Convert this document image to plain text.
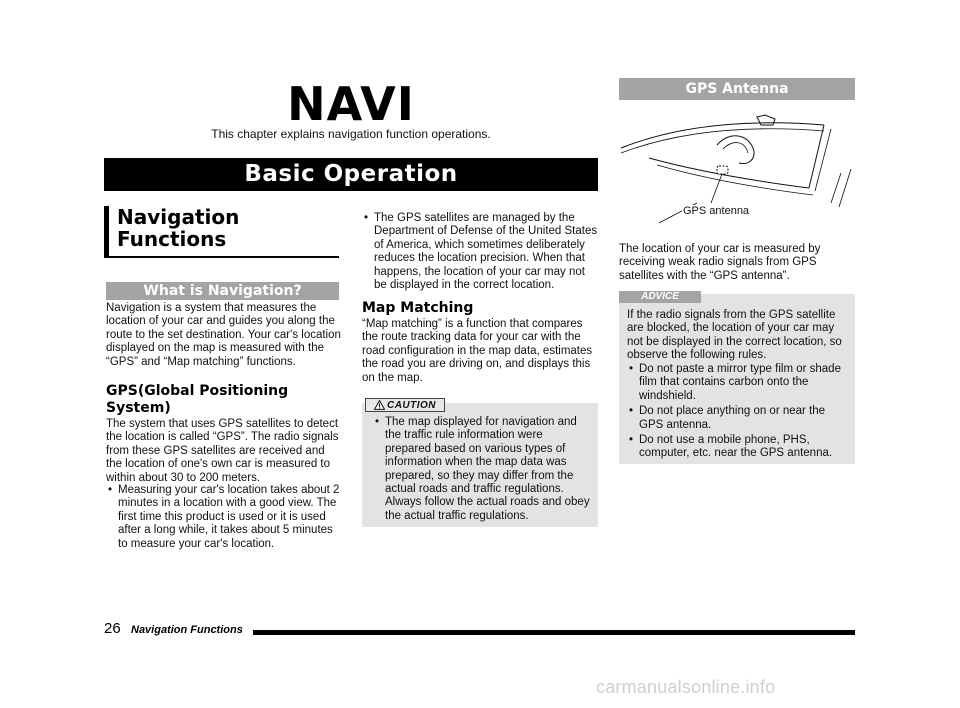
NAVI
This chapter explains navigation function operations.
Basic Operation
Navigation
Functions
What is Navigation?
Navigation is a system that measures the location of your car and guides you along the route to the set destination. Your car's location displayed on the map is measured with the “GPS” and “Map matching” functions.
GPS(Global Positioning System)
The system that uses GPS satellites to detect the location is called “GPS”. The radio signals from these GPS satellites are received and the location of one's own car is measured to within about 30 to 200 meters.
• Measuring your car's location takes about 2 minutes in a location with a good view. The first time this product is used or it is used after a long while, it takes about 5 minutes to measure your car's location.
• The GPS satellites are managed by the Department of Defense of the United States of America, which sometimes deliberately reduces the location precision. When that happens, the location of your car may not be displayed in the correct location.
Map Matching
“Map matching” is a function that compares the route tracking data for your car with the road configuration in the map data, estimates the road you are driving on, and displays this on the map.
CAUTION
• The map displayed for navigation and the traffic rule information were prepared based on various types of information when the map data was prepared, so they may differ from the actual roads and traffic regulations. Always follow the actual roads and obey the actual traffic regulations.
GPS Antenna
GPS antenna
The location of your car is measured by receiving weak radio signals from GPS satellites with the “GPS antenna”.
ADVICE
If the radio signals from the GPS satellite are blocked, the location of your car may not be displayed in the correct location, so observe the following rules.
• Do not paste a mirror type film or shade film that contains carbon onto the windshield.
• Do not place anything on or near the GPS antenna.
• Do not use a mobile phone, PHS, computer, etc. near the GPS antenna.
26 Navigation Functions
carmanualsonline.info
